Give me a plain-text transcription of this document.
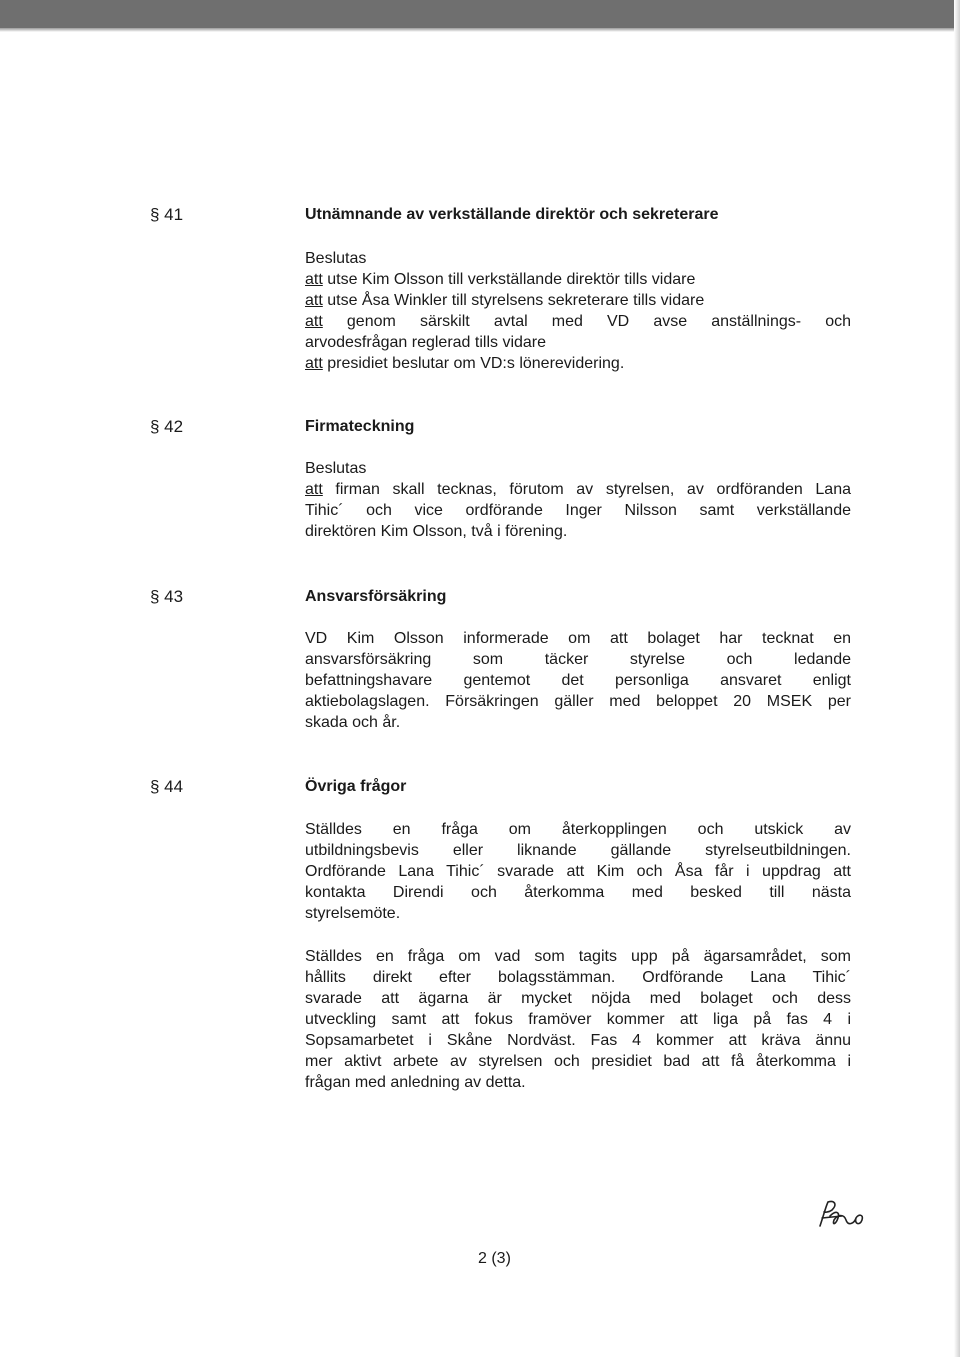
§ 41	Utnämnande av verkställande direktör och sekreterare
Beslutas
att utse Kim Olsson till verkställande direktör tills vidare
att utse Åsa Winkler till styrelsens sekreterare tills vidare
att genom särskilt avtal med VD avse anställnings- och
arvodesfrågan reglerad tills vidare
att presidiet beslutar om VD:s lönerevidering.
§ 42	Firmateckning
Beslutas
att firman skall tecknas, förutom av styrelsen, av ordföranden Lana
Tihic´ och vice ordförande Inger Nilsson samt verkställande
direktören Kim Olsson, två i förening.
§ 43	Ansvarsförsäkring
VD Kim Olsson informerade om att bolaget har tecknat en
ansvarsförsäkring som täcker styrelse och ledande
befattningshavare gentemot det personliga ansvaret enligt
aktiebolagslagen. Försäkringen gäller med beloppet 20 MSEK per
skada och år.
§ 44	Övriga frågor
Ställdes en fråga om återkopplingen och utskick av
utbildningsbevis eller liknande gällande styrelseutbildningen.
Ordförande Lana Tihic´ svarade att Kim och Åsa får i uppdrag att
kontakta Direndi och återkomma med besked till nästa
styrelsemöte.
Ställdes en fråga om vad som tagits upp på ägarsamrådet, som
hållits direkt efter bolagsstämman. Ordförande Lana Tihic´
svarade att ägarna är mycket nöjda med bolaget och dess
utveckling samt att fokus framöver kommer att liga på fas 4 i
Sopsamarbetet i Skåne Nordväst. Fas 4 kommer att kräva ännu
mer aktivt arbete av styrelsen och presidiet bad att få återkomma i
frågan med anledning av detta.
2 (3)
